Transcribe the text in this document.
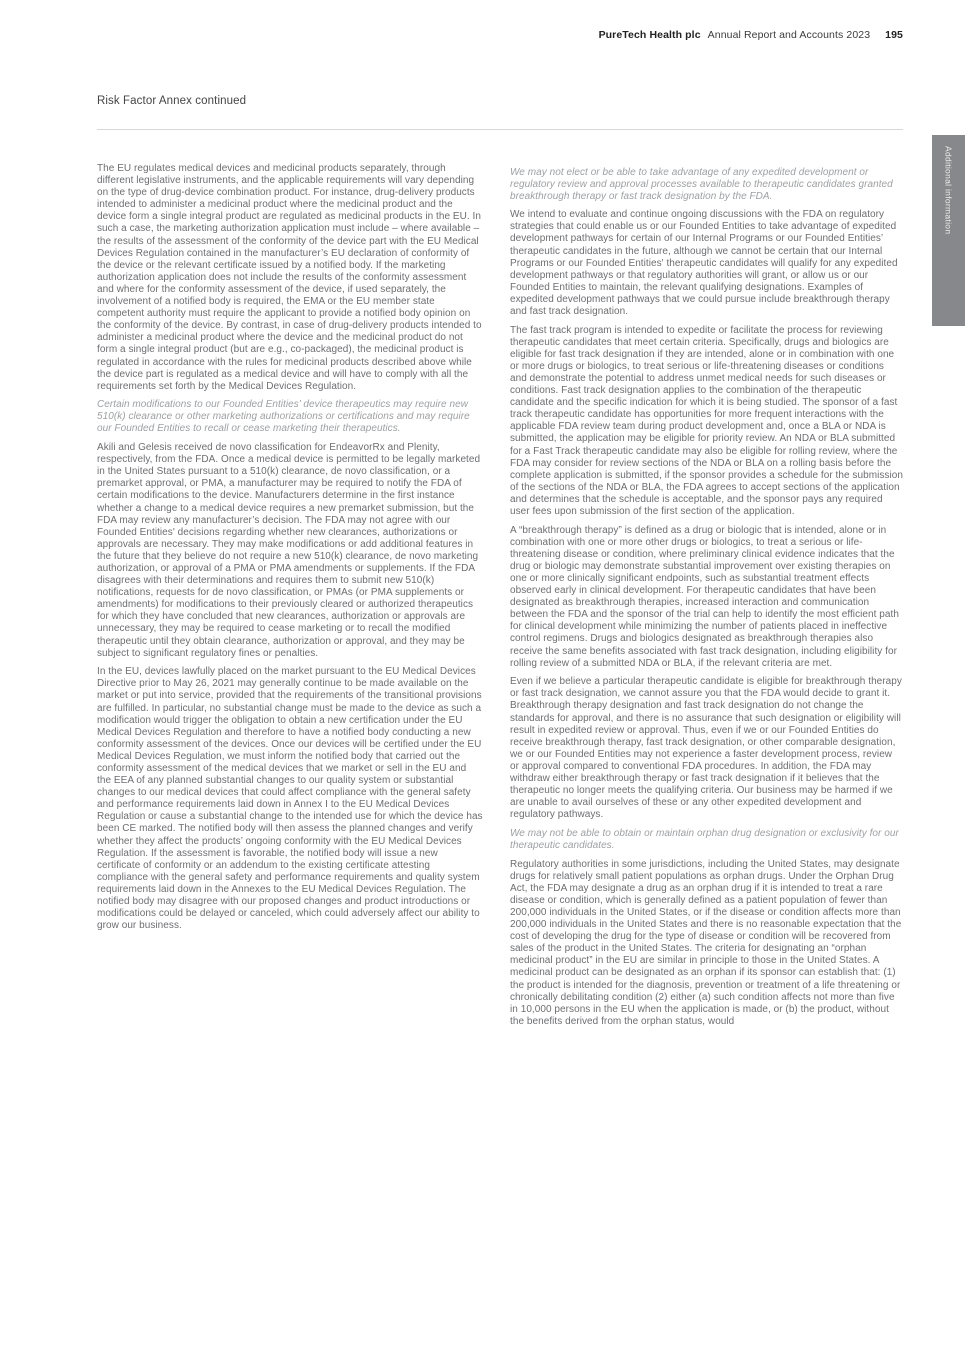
PureTech Health plc Annual Report and Accounts 2023 195
Risk Factor Annex continued
Additional information

The EU regulates medical devices and medicinal products separately, through different legislative instruments, and the applicable requirements will vary depending on the type of drug-device combination product. For instance, drug-delivery products intended to administer a medicinal product where the medicinal product and the device form a single integral product are regulated as medicinal products in the EU. In such a case, the marketing authorization application must include – where available – the results of the assessment of the conformity of the device part with the EU Medical Devices Regulation contained in the manufacturer’s EU declaration of conformity of the device or the relevant certificate issued by a notified body. If the marketing authorization application does not include the results of the conformity assessment and where for the conformity assessment of the device, if used separately, the involvement of a notified body is required, the EMA or the EU member state competent authority must require the applicant to provide a notified body opinion on the conformity of the device. By contrast, in case of drug-delivery products intended to administer a medicinal product where the device and the medicinal product do not form a single integral product (but are e.g., co-packaged), the medicinal product is regulated in accordance with the rules for medicinal products described above while the device part is regulated as a medical device and will have to comply with all the requirements set forth by the Medical Devices Regulation.

Certain modifications to our Founded Entities’ device therapeutics may require new 510(k) clearance or other marketing authorizations or certifications and may require our Founded Entities to recall or cease marketing their therapeutics.

Akili and Gelesis received de novo classification for EndeavorRx and Plenity, respectively, from the FDA. Once a medical device is permitted to be legally marketed in the United States pursuant to a 510(k) clearance, de novo classification, or a premarket approval, or PMA, a manufacturer may be required to notify the FDA of certain modifications to the device. Manufacturers determine in the first instance whether a change to a medical device requires a new premarket submission, but the FDA may review any manufacturer’s decision. The FDA may not agree with our Founded Entities' decisions regarding whether new clearances, authorizations or approvals are necessary. They may make modifications or add additional features in the future that they believe do not require a new 510(k) clearance, de novo marketing authorization, or approval of a PMA or PMA amendments or supplements. If the FDA disagrees with their determinations and requires them to submit new 510(k) notifications, requests for de novo classification, or PMAs (or PMA supplements or amendments) for modifications to their previously cleared or authorized therapeutics for which they have concluded that new clearances, authorization or approvals are unnecessary, they may be required to cease marketing or to recall the modified therapeutic until they obtain clearance, authorization or approval, and they may be subject to significant regulatory fines or penalties.

In the EU, devices lawfully placed on the market pursuant to the EU Medical Devices Directive prior to May 26, 2021 may generally continue to be made available on the market or put into service, provided that the requirements of the transitional provisions are fulfilled. In particular, no substantial change must be made to the device as such a modification would trigger the obligation to obtain a new certification under the EU Medical Devices Regulation and therefore to have a notified body conducting a new conformity assessment of the devices. Once our devices will be certified under the EU Medical Devices Regulation, we must inform the notified body that carried out the conformity assessment of the medical devices that we market or sell in the EU and the EEA of any planned substantial changes to our quality system or substantial changes to our medical devices that could affect compliance with the general safety and performance requirements laid down in Annex I to the EU Medical Devices Regulation or cause a substantial change to the intended use for which the device has been CE marked. The notified body will then assess the planned changes and verify whether they affect the products’ ongoing conformity with the EU Medical Devices Regulation. If the assessment is favorable, the notified body will issue a new certificate of conformity or an addendum to the existing certificate attesting compliance with the general safety and performance requirements and quality system requirements laid down in the Annexes to the EU Medical Devices Regulation. The notified body may disagree with our proposed changes and product introductions or modifications could be delayed or canceled, which could adversely affect our ability to grow our business.

We may not elect or be able to take advantage of any expedited development or regulatory review and approval processes available to therapeutic candidates granted breakthrough therapy or fast track designation by the FDA.

We intend to evaluate and continue ongoing discussions with the FDA on regulatory strategies that could enable us or our Founded Entities to take advantage of expedited development pathways for certain of our Internal Programs or our Founded Entities’ therapeutic candidates in the future, although we cannot be certain that our Internal Programs or our Founded Entities' therapeutic candidates will qualify for any expedited development pathways or that regulatory authorities will grant, or allow us or our Founded Entities to maintain, the relevant qualifying designations. Examples of expedited development pathways that we could pursue include breakthrough therapy and fast track designation.

The fast track program is intended to expedite or facilitate the process for reviewing therapeutic candidates that meet certain criteria. Specifically, drugs and biologics are eligible for fast track designation if they are intended, alone or in combination with one or more drugs or biologics, to treat serious or life-threatening diseases or conditions and demonstrate the potential to address unmet medical needs for such diseases or conditions. Fast track designation applies to the combination of the therapeutic candidate and the specific indication for which it is being studied. The sponsor of a fast track therapeutic candidate has opportunities for more frequent interactions with the applicable FDA review team during product development and, once a BLA or NDA is submitted, the application may be eligible for priority review. An NDA or BLA submitted for a Fast Track therapeutic candidate may also be eligible for rolling review, where the FDA may consider for review sections of the NDA or BLA on a rolling basis before the complete application is submitted, if the sponsor provides a schedule for the submission of the sections of the NDA or BLA, the FDA agrees to accept sections of the application and determines that the schedule is acceptable, and the sponsor pays any required user fees upon submission of the first section of the application.

A “breakthrough therapy” is defined as a drug or biologic that is intended, alone or in combination with one or more other drugs or biologics, to treat a serious or life-threatening disease or condition, where preliminary clinical evidence indicates that the drug or biologic may demonstrate substantial improvement over existing therapies on one or more clinically significant endpoints, such as substantial treatment effects observed early in clinical development. For therapeutic candidates that have been designated as breakthrough therapies, increased interaction and communication between the FDA and the sponsor of the trial can help to identify the most efficient path for clinical development while minimizing the number of patients placed in ineffective control regimens. Drugs and biologics designated as breakthrough therapies also receive the same benefits associated with fast track designation, including eligibility for rolling review of a submitted NDA or BLA, if the relevant criteria are met.

Even if we believe a particular therapeutic candidate is eligible for breakthrough therapy or fast track designation, we cannot assure you that the FDA would decide to grant it. Breakthrough therapy designation and fast track designation do not change the standards for approval, and there is no assurance that such designation or eligibility will result in expedited review or approval. Thus, even if we or our Founded Entities do receive breakthrough therapy, fast track designation, or other comparable designation, we or our Founded Entities may not experience a faster development process, review or approval compared to conventional FDA procedures. In addition, the FDA may withdraw either breakthrough therapy or fast track designation if it believes that the therapeutic no longer meets the qualifying criteria. Our business may be harmed if we are unable to avail ourselves of these or any other expedited development and regulatory pathways.

We may not be able to obtain or maintain orphan drug designation or exclusivity for our therapeutic candidates.

Regulatory authorities in some jurisdictions, including the United States, may designate drugs for relatively small patient populations as orphan drugs. Under the Orphan Drug Act, the FDA may designate a drug as an orphan drug if it is intended to treat a rare disease or condition, which is generally defined as a patient population of fewer than 200,000 individuals in the United States, or if the disease or condition affects more than 200,000 individuals in the United States and there is no reasonable expectation that the cost of developing the drug for the type of disease or condition will be recovered from sales of the product in the United States. The criteria for designating an “orphan medicinal product” in the EU are similar in principle to those in the United States. A medicinal product can be designated as an orphan if its sponsor can establish that: (1) the product is intended for the diagnosis, prevention or treatment of a life threatening or chronically debilitating condition (2) either (a) such condition affects not more than five in 10,000 persons in the EU when the application is made, or (b) the product, without the benefits derived from the orphan status, would
